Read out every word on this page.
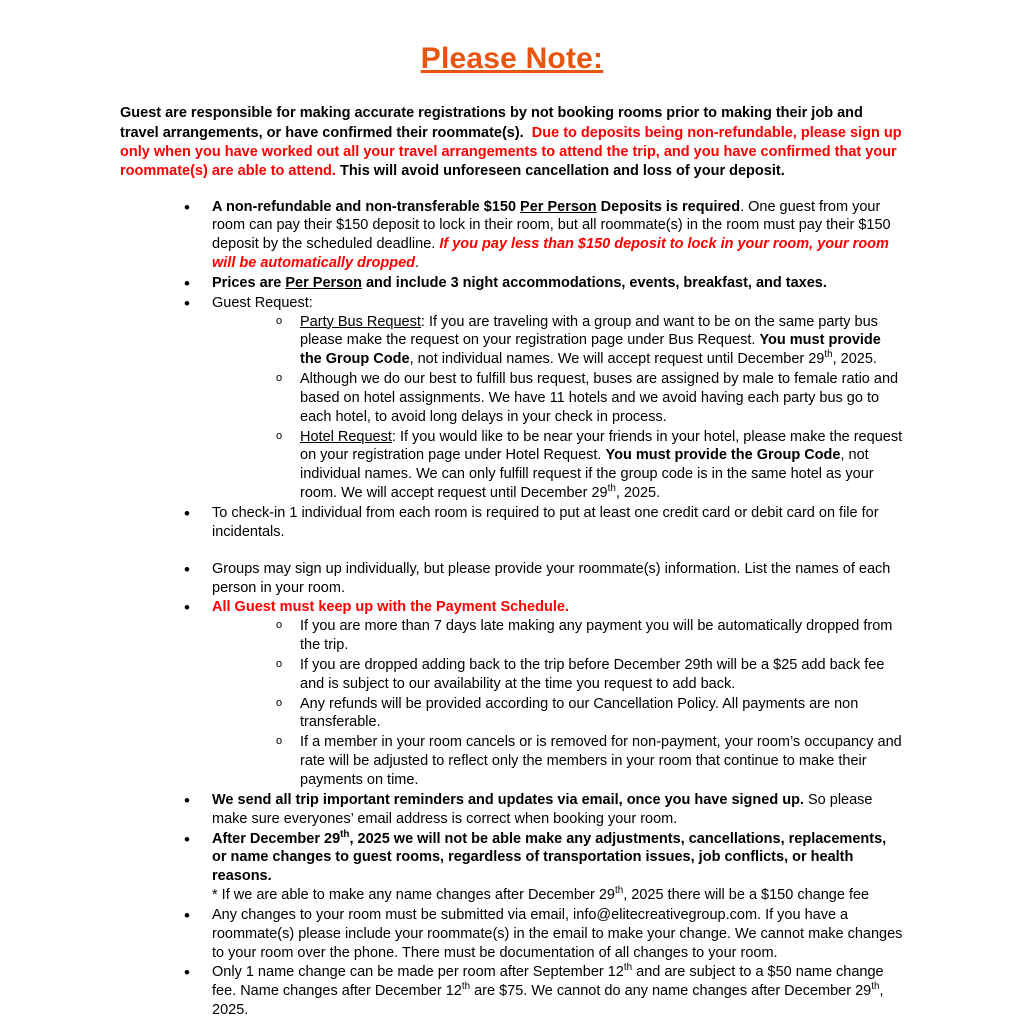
Please Note:

Guest are responsible for making accurate registrations by not booking rooms prior to making their job and travel arrangements, or have confirmed their roommate(s). Due to deposits being non-refundable, please sign up only when you have worked out all your travel arrangements to attend the trip, and you have confirmed that your roommate(s) are able to attend. This will avoid unforeseen cancellation and loss of your deposit.

• A non-refundable and non-transferable $150 Per Person Deposits is required. One guest from your room can pay their $150 deposit to lock in their room, but all roommate(s) in the room must pay their $150 deposit by the scheduled deadline. If you pay less than $150 deposit to lock in your room, your room will be automatically dropped.
• Prices are Per Person and include 3 night accommodations, events, breakfast, and taxes.
• Guest Request:
o Party Bus Request: If you are traveling with a group and want to be on the same party bus please make the request on your registration page under Bus Request. You must provide the Group Code, not individual names. We will accept request until December 29th, 2025.
o Although we do our best to fulfill bus request, buses are assigned by male to female ratio and based on hotel assignments. We have 11 hotels and we avoid having each party bus go to each hotel, to avoid long delays in your check in process.
o Hotel Request: If you would like to be near your friends in your hotel, please make the request on your registration page under Hotel Request. You must provide the Group Code, not individual names. We can only fulfill request if the group code is in the same hotel as your room. We will accept request until December 29th, 2025.
• To check-in 1 individual from each room is required to put at least one credit card or debit card on file for incidentals.
• Groups may sign up individually, but please provide your roommate(s) information. List the names of each person in your room.
• All Guest must keep up with the Payment Schedule.
o If you are more than 7 days late making any payment you will be automatically dropped from the trip.
o If you are dropped adding back to the trip before December 29th will be a $25 add back fee and is subject to our availability at the time you request to add back.
o Any refunds will be provided according to our Cancellation Policy. All payments are non transferable.
o If a member in your room cancels or is removed for non-payment, your room’s occupancy and rate will be adjusted to reflect only the members in your room that continue to make their payments on time.
• We send all trip important reminders and updates via email, once you have signed up. So please make sure everyones’ email address is correct when booking your room.
• After December 29th, 2025 we will not be able make any adjustments, cancellations, replacements, or name changes to guest rooms, regardless of transportation issues, job conflicts, or health reasons.
* If we are able to make any name changes after December 29th, 2025 there will be a $150 change fee
• Any changes to your room must be submitted via email, info@elitecreativegroup.com. If you have a roommate(s) please include your roommate(s) in the email to make your change. We cannot make changes to your room over the phone. There must be documentation of all changes to your room.
• Only 1 name change can be made per room after September 12th and are subject to a $50 name change fee. Name changes after December 12th are $75. We cannot do any name changes after December 29th, 2025.
